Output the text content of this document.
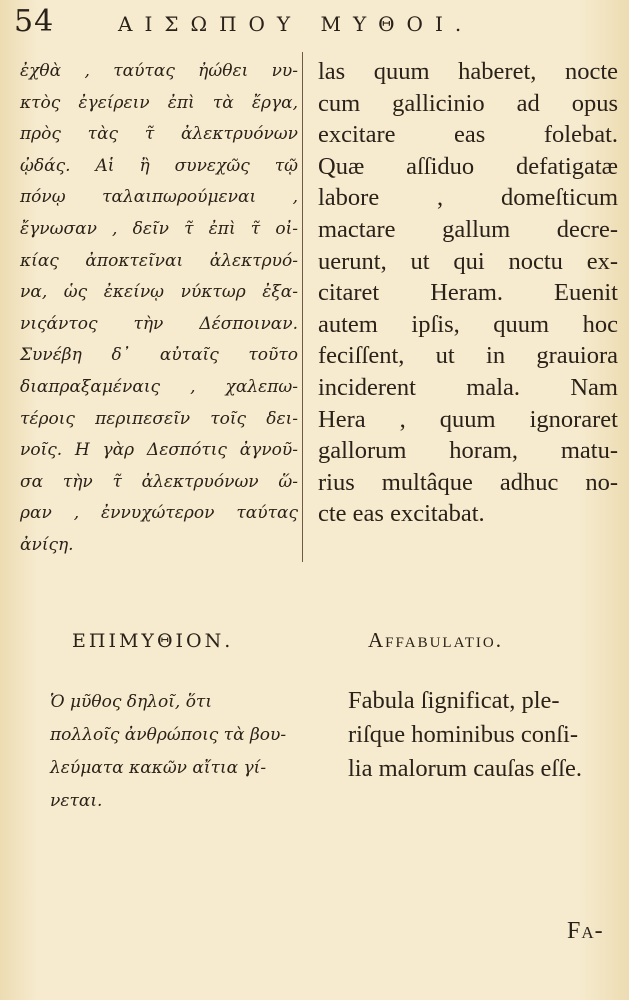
54	ΑΙΣΩΠΟΥ ΜΥΘΟΙ.
ἐχθὰ , ταύτας ἠώθει νυ-
κτὸς ἐγείρειν ἐπὶ τὰ ἔργα,
πρὸς τὰς τ̃ ἀλεκτρυόνων
ᾠδάς. Αἱ ἢ συνεχῶς τῷ
πόνῳ ταλαιπωρούμεναι ,
ἔγνωσαν , δεῖν τ̃ ἐπὶ τ̃ οἰ-
κίας ἀποκτεῖναι ἀλεκτρυό-
να, ὡς ἐκείνῳ νύκτωρ ἐξα-
νιςάντος τὴν Δέσποιναν.
Συνέβη δ᾽ αὐταῖς τοῦτο
διαπραξαμέναις , χαλεπω-
τέροις περιπεσεῖν τοῖς δει-
νοῖς. Η γὰρ Δεσπότις ἀγνοῦ-
σα τὴν τ̃ ἀλεκτρυόνων ὥ-
ραν , ἐννυχώτερον ταύτας
ἀνίςη.
las quum haberet, nocte
cum gallicinio ad opus
excitare eas folebat.
Quæ aſſiduo defatigatæ
labore , domeſticum
mactare gallum decre-
uerunt, ut qui noctu ex-
citaret Heram. Euenit
autem ipſis, quum hoc
feciſſent, ut in grauiora
inciderent mala. Nam
Hera , quum ignoraret
gallorum horam, matu-
rius multâque adhuc no-
cte eas excitabat.
ΕΠΙΜΥΘΙΟΝ.	Affabulatio.
Ὁ μῦθος δηλοῖ, ὅτι
πολλοῖς ἀνθρώποις τὰ βου-
λεύματα κακῶν αἴτια γί-
νεται.
Fabula ſignificat, ple-
riſque hominibus conſi-
lia malorum cauſas eſſe.
Fa-
